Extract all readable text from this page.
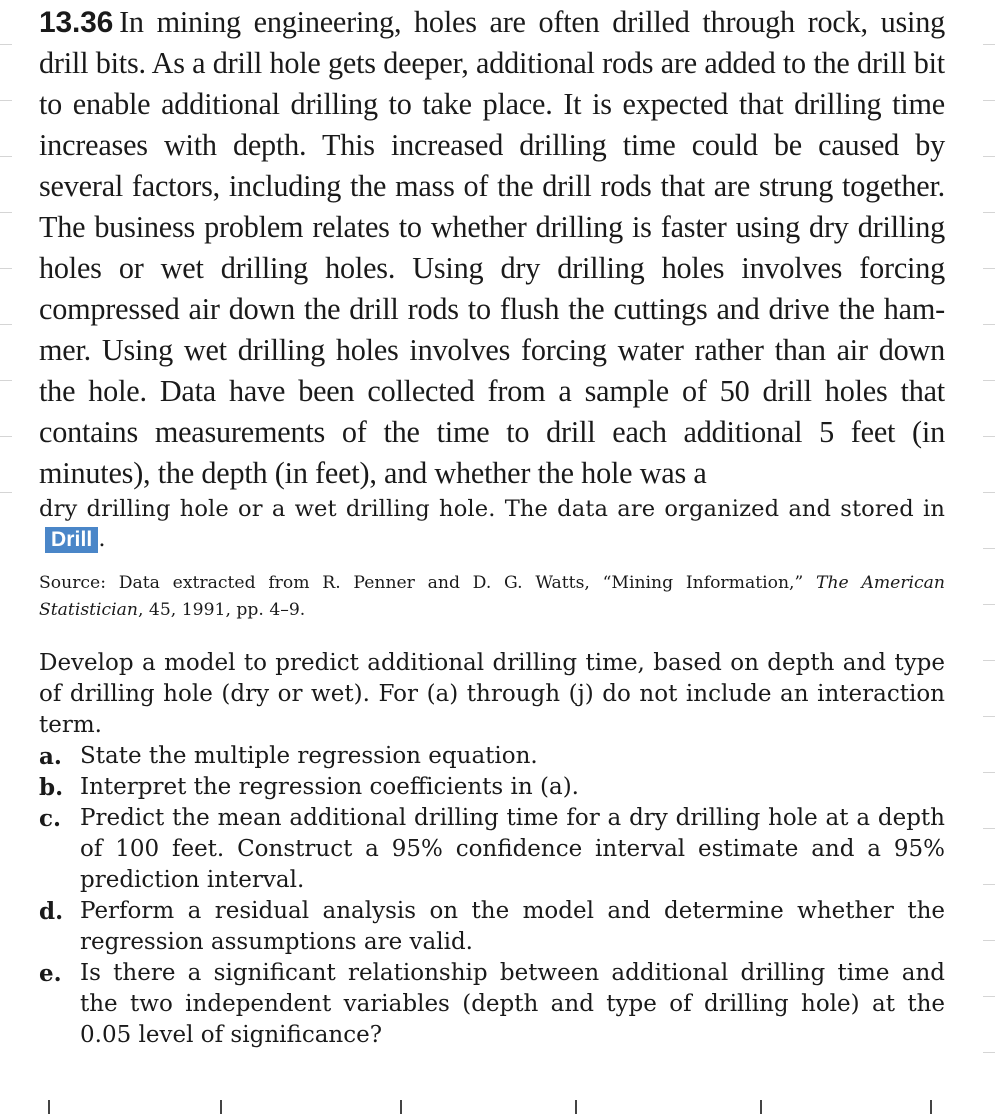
13.36 In mining engineering, holes are often drilled through rock, using drill bits. As a drill hole gets deeper, additional rods are added to the drill bit to enable additional drilling to take place. It is expected that drilling time increases with depth. This increased drilling time could be caused by several factors, including the mass of the drill rods that are strung together. The business problem relates to whether drilling is faster using dry drilling holes or wet drilling holes. Using dry drilling holes involves forcing compressed air down the drill rods to flush the cuttings and drive the ham-mer. Using wet drilling holes involves forcing water rather than air down the hole. Data have been collected from a sample of 50 drill holes that contains measurements of the time to drill each additional 5 feet (in minutes), the depth (in feet), and whether the hole was a

dry drilling hole or a wet drilling hole. The data are organized and stored inDrill .

Source: Data extracted from R. Penner and D. G. Watts, “Mining Information,” The American Statistician, 45, 1991, pp. 4–9.

Develop a model to predict additional drilling time, based on depth and type of drilling hole (dry or wet). For (a) through (j) do not include an interaction term.

a. State the multiple regression equation.
b. Interpret the regression coefficients in (a).
c. Predict the mean additional drilling time for a dry drilling hole at a depth of 100 feet. Construct a 95% confidence interval estimate and a 95% prediction interval.
d. Perform a residual analysis on the model and determine whether the regression assumptions are valid.
e. Is there a significant relationship between additional drilling time and the two independent variables (depth and type of drilling hole) at the 0.05 level of significance?
